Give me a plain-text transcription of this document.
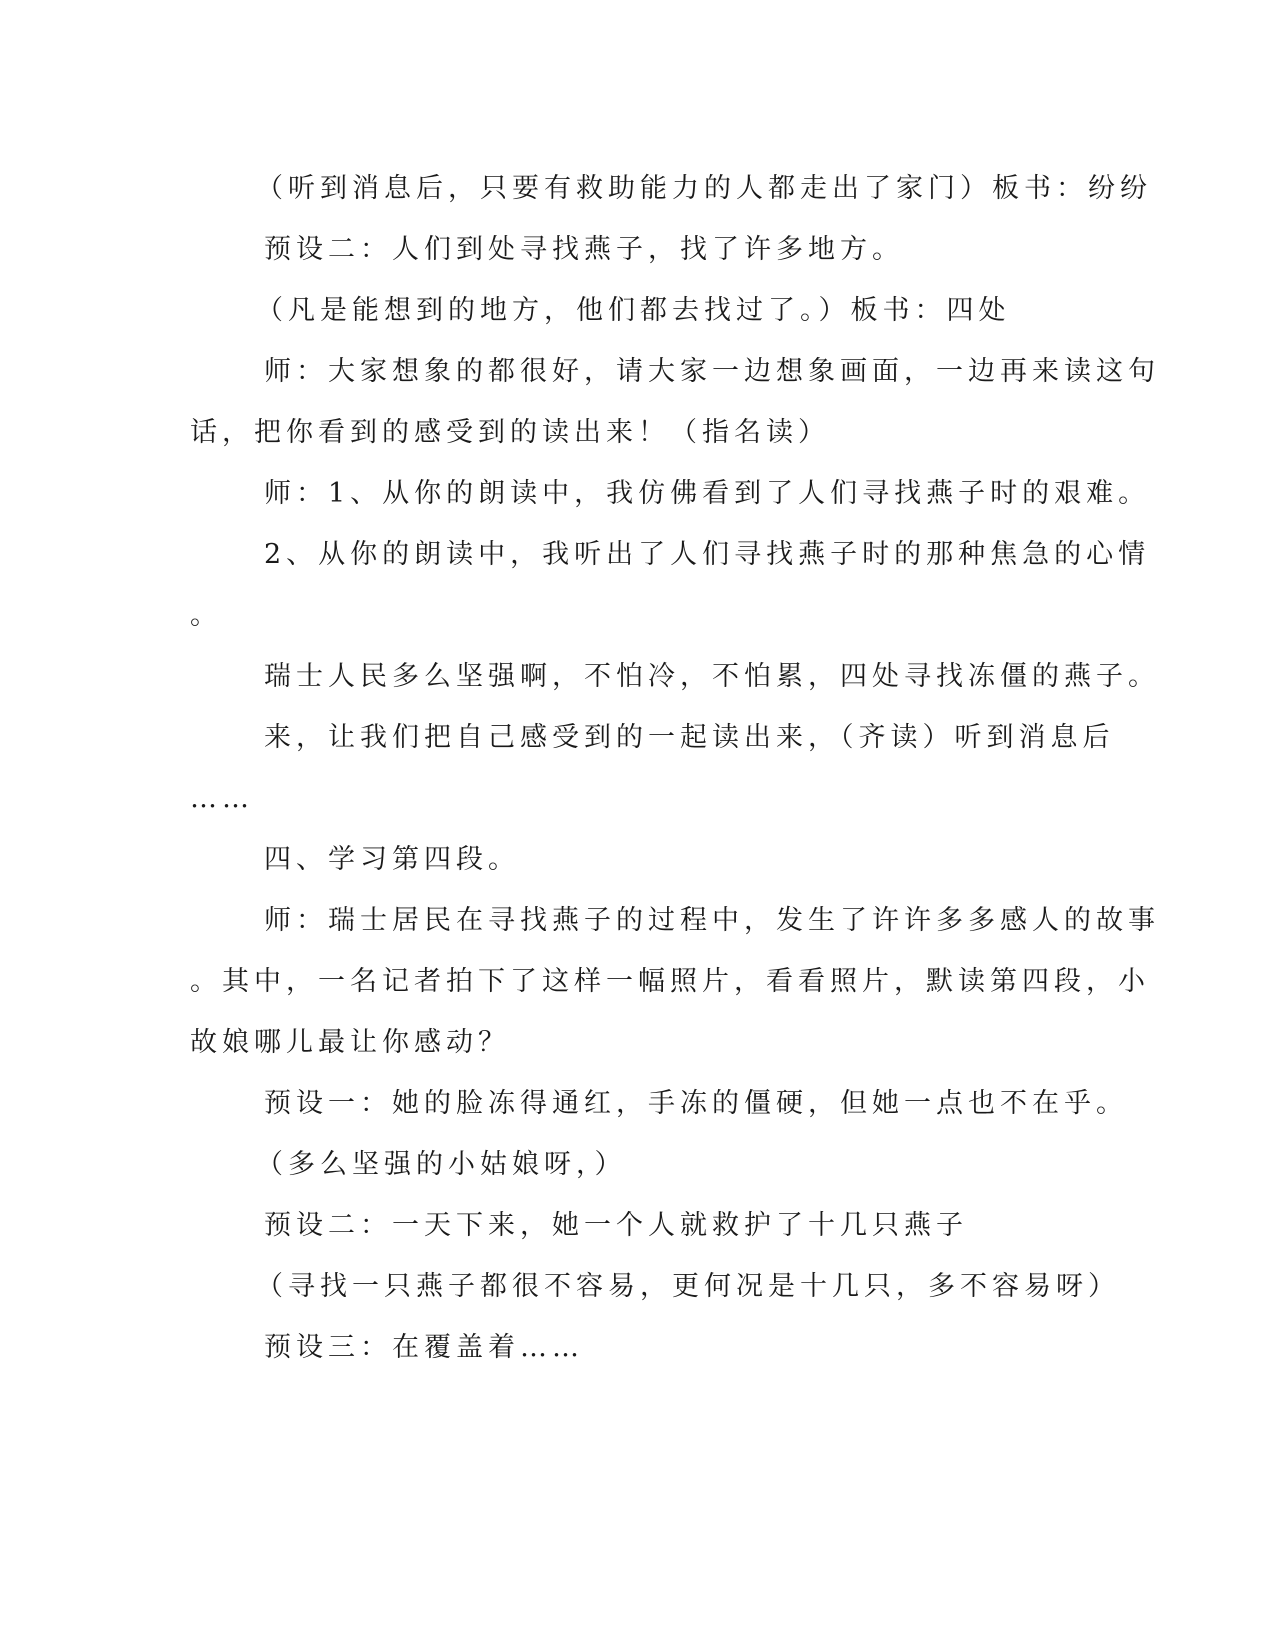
（听到消息后，只要有救助能力的人都走出了家门）板书：纷纷
预设二：人们到处寻找燕子，找了许多地方。
（凡是能想到的地方，他们都去找过了。）板书：四处
师：大家想象的都很好，请大家一边想象画面，一边再来读这句
话，把你看到的感受到的读出来！（指名读）
师：1、从你的朗读中，我仿佛看到了人们寻找燕子时的艰难。
2、从你的朗读中，我听出了人们寻找燕子时的那种焦急的心情
。
瑞士人民多么坚强啊，不怕冷，不怕累，四处寻找冻僵的燕子。
来，让我们把自己感受到的一起读出来，（齐读）听到消息后
……
四、学习第四段。
师：瑞士居民在寻找燕子的过程中，发生了许许多多感人的故事
。其中，一名记者拍下了这样一幅照片，看看照片，默读第四段，小
故娘哪儿最让你感动？
预设一：她的脸冻得通红，手冻的僵硬，但她一点也不在乎。
（多么坚强的小姑娘呀，）
预设二：一天下来，她一个人就救护了十几只燕子
（寻找一只燕子都很不容易，更何况是十几只，多不容易呀）
预设三：在覆盖着……
